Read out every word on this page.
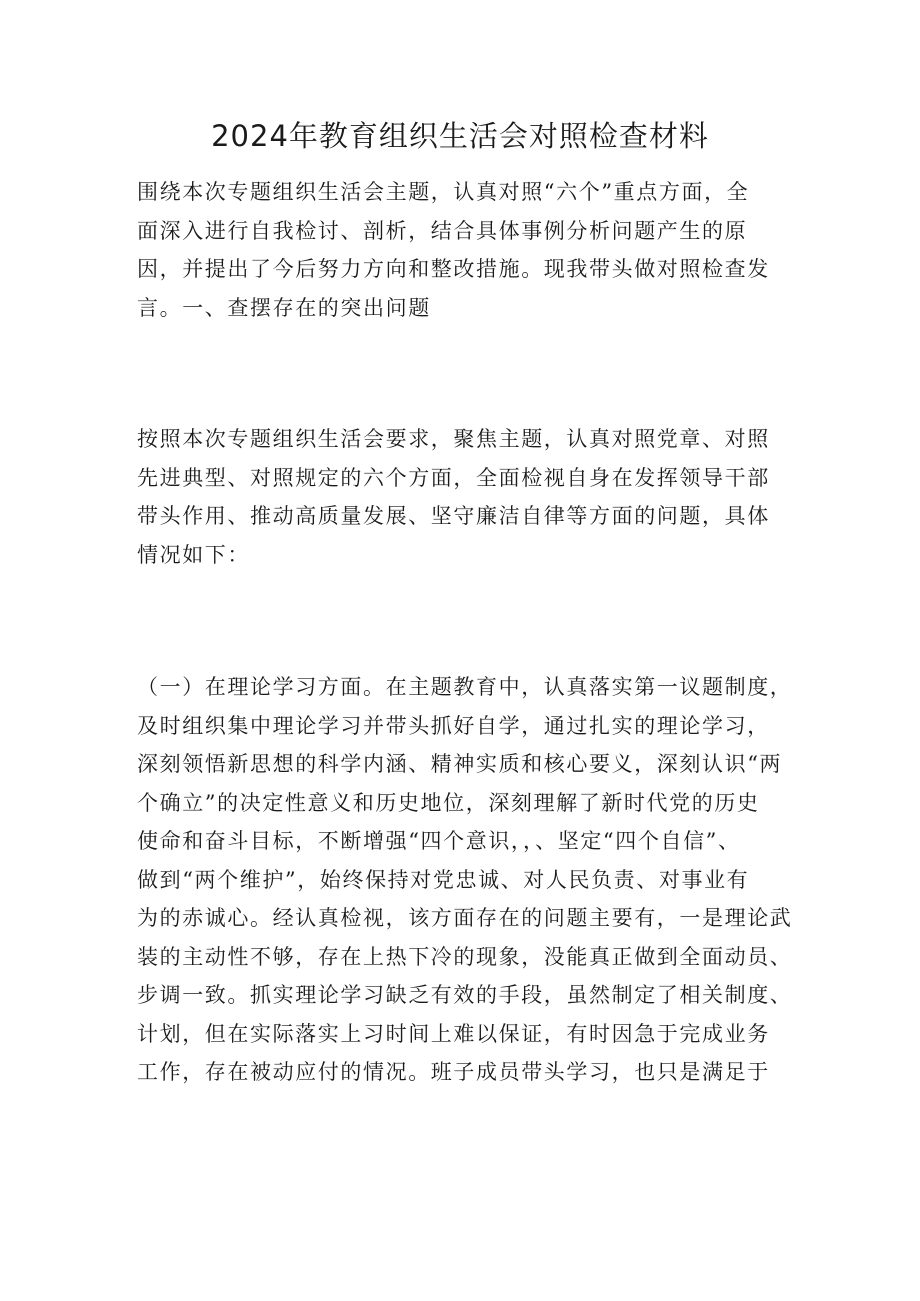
2024年教育组织生活会对照检查材料
围绕本次专题组织生活会主题，认真对照“六个”重点方面，全
面深入进行自我检讨、剖析，结合具体事例分析问题产生的原
因，并提出了今后努力方向和整改措施。现我带头做对照检查发
言。一、查摆存在的突出问题
按照本次专题组织生活会要求，聚焦主题，认真对照党章、对照
先进典型、对照规定的六个方面，全面检视自身在发挥领导干部
带头作用、推动高质量发展、坚守廉洁自律等方面的问题，具体
情况如下：
（一）在理论学习方面。在主题教育中，认真落实第一议题制度，
及时组织集中理论学习并带头抓好自学，通过扎实的理论学习，
深刻领悟新思想的科学内涵、精神实质和核心要义，深刻认识“两
个确立”的决定性意义和历史地位，深刻理解了新时代党的历史
使命和奋斗目标，不断增强“四个意识，，、坚定“四个自信”、
做到“两个维护”，始终保持对党忠诚、对人民负责、对事业有
为的赤诚心。经认真检视，该方面存在的问题主要有，一是理论武
装的主动性不够，存在上热下冷的现象，没能真正做到全面动员、
步调一致。抓实理论学习缺乏有效的手段，虽然制定了相关制度、
计划，但在实际落实上习时间上难以保证，有时因急于完成业务
工作，存在被动应付的情况。班子成员带头学习，也只是满足于
